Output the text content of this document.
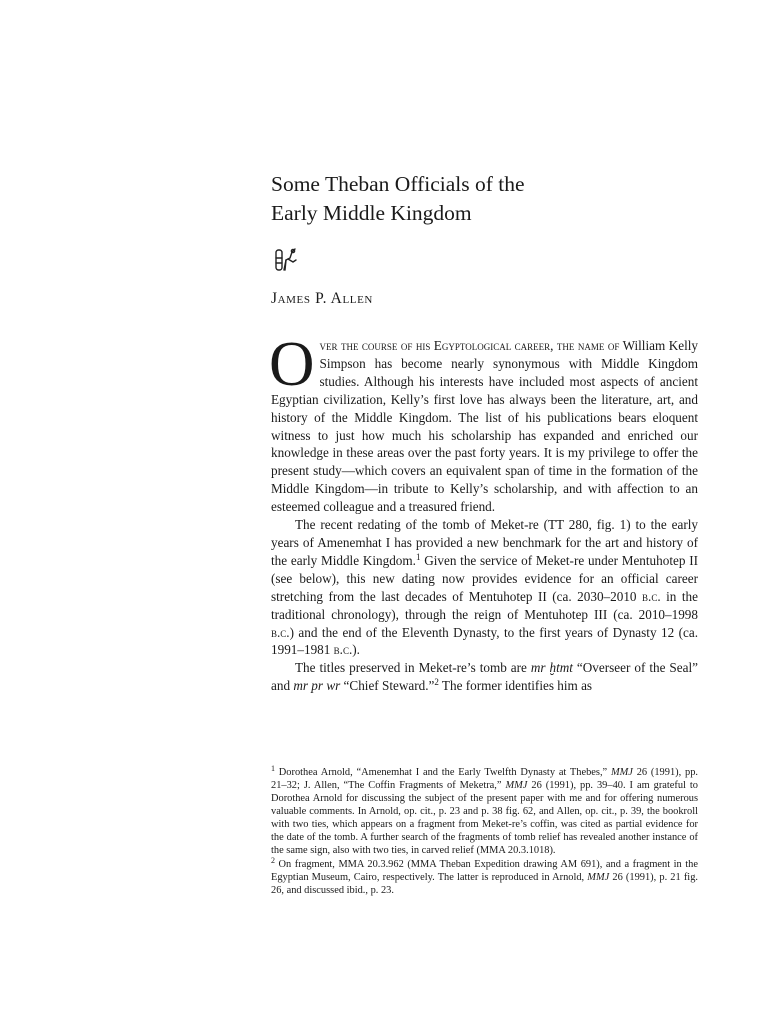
Some Theban Officials of the
Early Middle Kingdom
James P. Allen

Over the course of his Egyptological career, the name of William Kelly Simpson has become nearly synonymous with Middle Kingdom studies. Although his interests have included most aspects of ancient Egyptian civilization, Kelly’s first love has always been the literature, art, and history of the Middle Kingdom. The list of his publications bears eloquent witness to just how much his scholarship has expanded and enriched our knowledge in these areas over the past forty years. It is my privilege to offer the present study—which covers an equivalent span of time in the formation of the Middle Kingdom—in tribute to Kelly’s scholarship, and with affection to an esteemed colleague and a treasured friend.

The recent redating of the tomb of Meket-re (TT 280, fig. 1) to the early years of Amenemhat I has provided a new benchmark for the art and history of the early Middle Kingdom.$^1$ Given the service of Meket-re under Mentuhotep II (see below), this new dating now provides evidence for an official career stretching from the last decades of Mentuhotep II (ca. 2030–2010 b.c. in the traditional chronology), through the reign of Mentuhotep III (ca. 2010–1998 b.c.) and the end of the Eleventh Dynasty, to the first years of Dynasty 12 (ca. 1991–1981 b.c.).

The titles preserved in Meket-re’s tomb are mr ḫtmt “Overseer of the Seal” and mr pr wr “Chief Steward.”$^2$ The former identifies him as

$^1$ Dorothea Arnold, “Amenemhat I and the Early Twelfth Dynasty at Thebes,” MMJ 26 (1991), pp. 21–32; J. Allen, “The Coffin Fragments of Meketra,” MMJ 26 (1991), pp. 39–40. I am grateful to Dorothea Arnold for discussing the subject of the present paper with me and for offering numerous valuable comments. In Arnold, op. cit., p. 23 and p. 38 fig. 62, and Allen, op. cit., p. 39, the bookroll with two ties, which appears on a fragment from Meket-re’s coffin, was cited as partial evidence for the date of the tomb. A further search of the fragments of tomb relief has revealed another instance of the same sign, also with two ties, in carved relief (MMA 20.3.1018).

$^2$ On fragment, MMA 20.3.962 (MMA Theban Expedition drawing AM 691), and a fragment in the Egyptian Museum, Cairo, respectively. The latter is reproduced in Arnold, MMJ 26 (1991), p. 21 fig. 26, and discussed ibid., p. 23.
